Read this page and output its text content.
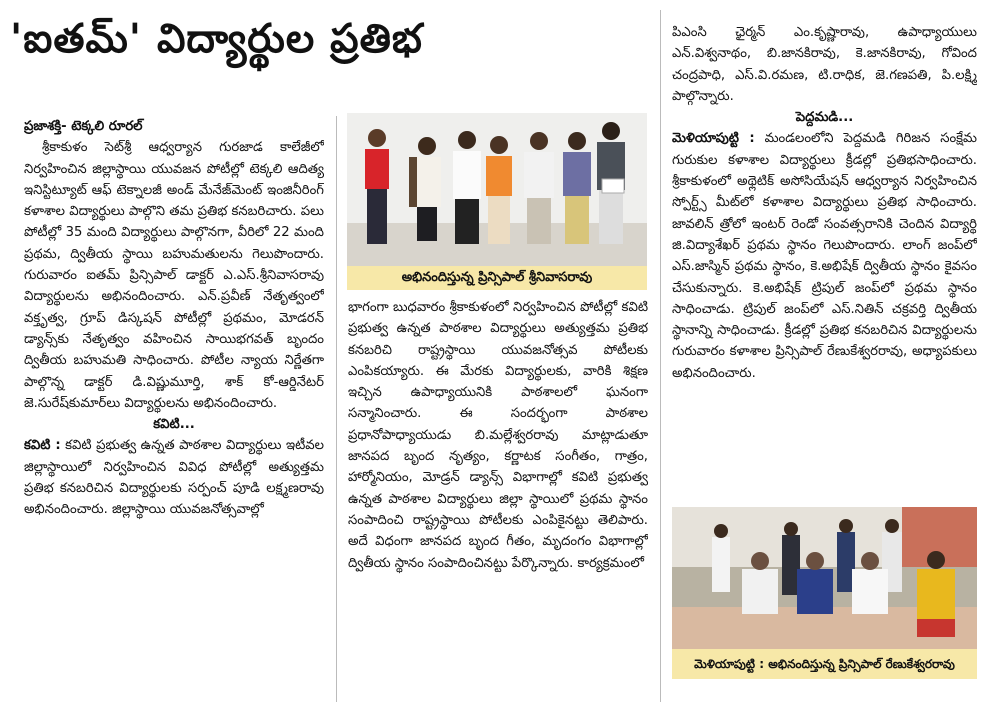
'ఐతమ్' విద్యార్థుల ప్రతిభ

ప్రజాశక్తి- టెక్కలి రూరల్

శ్రీకాకుళం సెట్‌శ్రీ ఆధ్వర్యాన గురజాడ కాలేజీలో నిర్వహించిన జిల్లాస్థాయి యువజన పోటీల్లో టెక్కలి ఆదిత్య ఇనిస్టిట్యూట్‌ ఆఫ్‌ టెక్నాలజీ అండ్‌ మేనేజ్‌మెంట్‌ ఇంజినీరింగ్‌ కళాశాల విద్యార్థులు పాల్గొని తమ ప్రతిభ కనబరిచారు. పలు పోటీల్లో 35 మంది విద్యార్థులు పాల్గొనగా, వీరిలో 22 మంది ప్రథమ, ద్వితీయ స్థాయి బహుమతులను గెలుపొందారు. గురువారం ఐతమ్‌ ప్రిన్సిపాల్‌ డాక్టర్‌ ఎ.ఎస్‌.శ్రీనివాసరావు విద్యార్థులను అభినందించారు. ఎన్‌.ప్రవీణ్‌ నేతృత్వంలో వక్తృత్వ, గ్రూప్‌ డిస్కషన్‌ పోటీల్లో ప్రథమం, మోడరన్‌ డ్యాన్స్‌కు నేతృత్వం వహించిన సాయిభగవత్‌ బృందం ద్వితీయ బహుమతి సాధించారు. పోటీల న్యాయ నిర్ణేతగా పాల్గొన్న డాక్టర్‌ డి.విష్ణుమూర్తి, శాక్‌ కో-ఆర్డినేటర్‌ జె.సురేష్‌కుమార్‌లు విద్యార్థులను అభినందించారు.

కవిటి...

కవిటి : కవిటి ప్రభుత్వ ఉన్నత పాఠశాల విద్యార్థులు ఇటీవల జిల్లాస్థాయిలో నిర్వహించిన వివిధ పోటీల్లో అత్యుత్తమ ప్రతిభ కనబరిచిన విద్యార్థులకు సర్పంచ్‌ పూడి లక్ష్మణరావు అభినందించారు. జిల్లాస్థాయి యువజనోత్సవాల్లో

అభినందిస్తున్న ప్రిన్సిపాల్‌ శ్రీనివాసరావు

భాగంగా బుధవారం శ్రీకాకుళంలో నిర్వహించిన పోటీల్లో కవిటి ప్రభుత్వ ఉన్నత పాఠశాల విద్యార్థులు అత్యుత్తమ ప్రతిభ కనబరిచి రాష్ట్రస్థాయి యువజనోత్సవ పోటీలకు ఎంపికయ్యారు. ఈ మేరకు విద్యార్థులకు, వారికి శిక్షణ ఇచ్చిన ఉపాధ్యాయునికి పాఠశాలలో ఘనంగా సన్మానించారు. ఈ సందర్భంగా పాఠశాల ప్రధానోపాధ్యాయుడు బి.మల్లేశ్వరరావు మాట్లాడుతూ జానపద బృంద నృత్యం, కర్ణాటక సంగీతం, గాత్రం, హార్మోనియం, మోడ్రన్‌ డ్యాన్స్‌ విభాగాల్లో కవిటి ప్రభుత్వ ఉన్నత పాఠశాల విద్యార్థులు జిల్లా స్థాయిలో ప్రథమ స్థానం సంపాదించి రాష్ట్రస్థాయి పోటీలకు ఎంపికైనట్టు తెలిపారు. అదే విధంగా జానపద బృంద గీతం, మృదంగం విభాగాల్లో ద్వితీయ స్థానం సంపాదించినట్టు పేర్కొన్నారు. కార్యక్రమంలో

పిఎంసి ఛైర్మన్‌ ఎం.కృష్ణారావు, ఉపాధ్యాయులు ఎన్‌.విశ్వనాథం, బి.జానకిరావు, కె.జానకిరావు, గోవింద చంద్రపాధి, ఎస్‌.వి.రమణ, టి.రాధిక, జె.గణపతి, పి.లక్ష్మి పాల్గొన్నారు.

పెద్దమడి...

మెళియాపుట్టి : మండలంలోని పెద్దమడి గిరిజన సంక్షేమ గురుకుల కళాశాల విద్యార్థులు క్రీడల్లో ప్రతిభసాధించారు. శ్రీకాకుళంలో అథ్లెటిక్‌ అసోసియేషన్‌ ఆధ్వర్యాన నిర్వహించిన స్పోర్ట్స్‌ మీట్‌లో కళాశాల విద్యార్థులు ప్రతిభ సాధించారు. జావలిన్‌ త్రోలో ఇంటర్‌ రెండో సంవత్సరానికి చెందిన విద్యార్థి జి.విద్యాశేఖర్‌ ప్రథమ స్థానం గెలుపొందారు. లాంగ్‌ జంప్‌లో ఎస్‌.జాస్మిన్‌ ప్రథమ స్థానం, కె.అభిషేక్‌ ద్వితీయ స్థానం కైవసం చేసుకున్నారు. కె.అభిషేక్‌ ట్రిపుల్‌ జంప్‌లో ప్రథమ స్థానం సాధించాడు. ట్రిపుల్‌ జంప్‌లో ఎస్‌.నితిన్‌ చక్రవర్తి ద్వితీయ స్థానాన్ని సాధించాడు. క్రీడల్లో ప్రతిభ కనబరిచిన విద్యార్థులను గురువారం కళాశాల ప్రిన్సిపాల్‌ రేణుకేశ్వరరావు, అధ్యాపకులు అభినందించారు.

మెళియాపుట్టి : అభినందిస్తున్న ప్రిన్సిపాల్‌ రేణుకేశ్వరరావు
